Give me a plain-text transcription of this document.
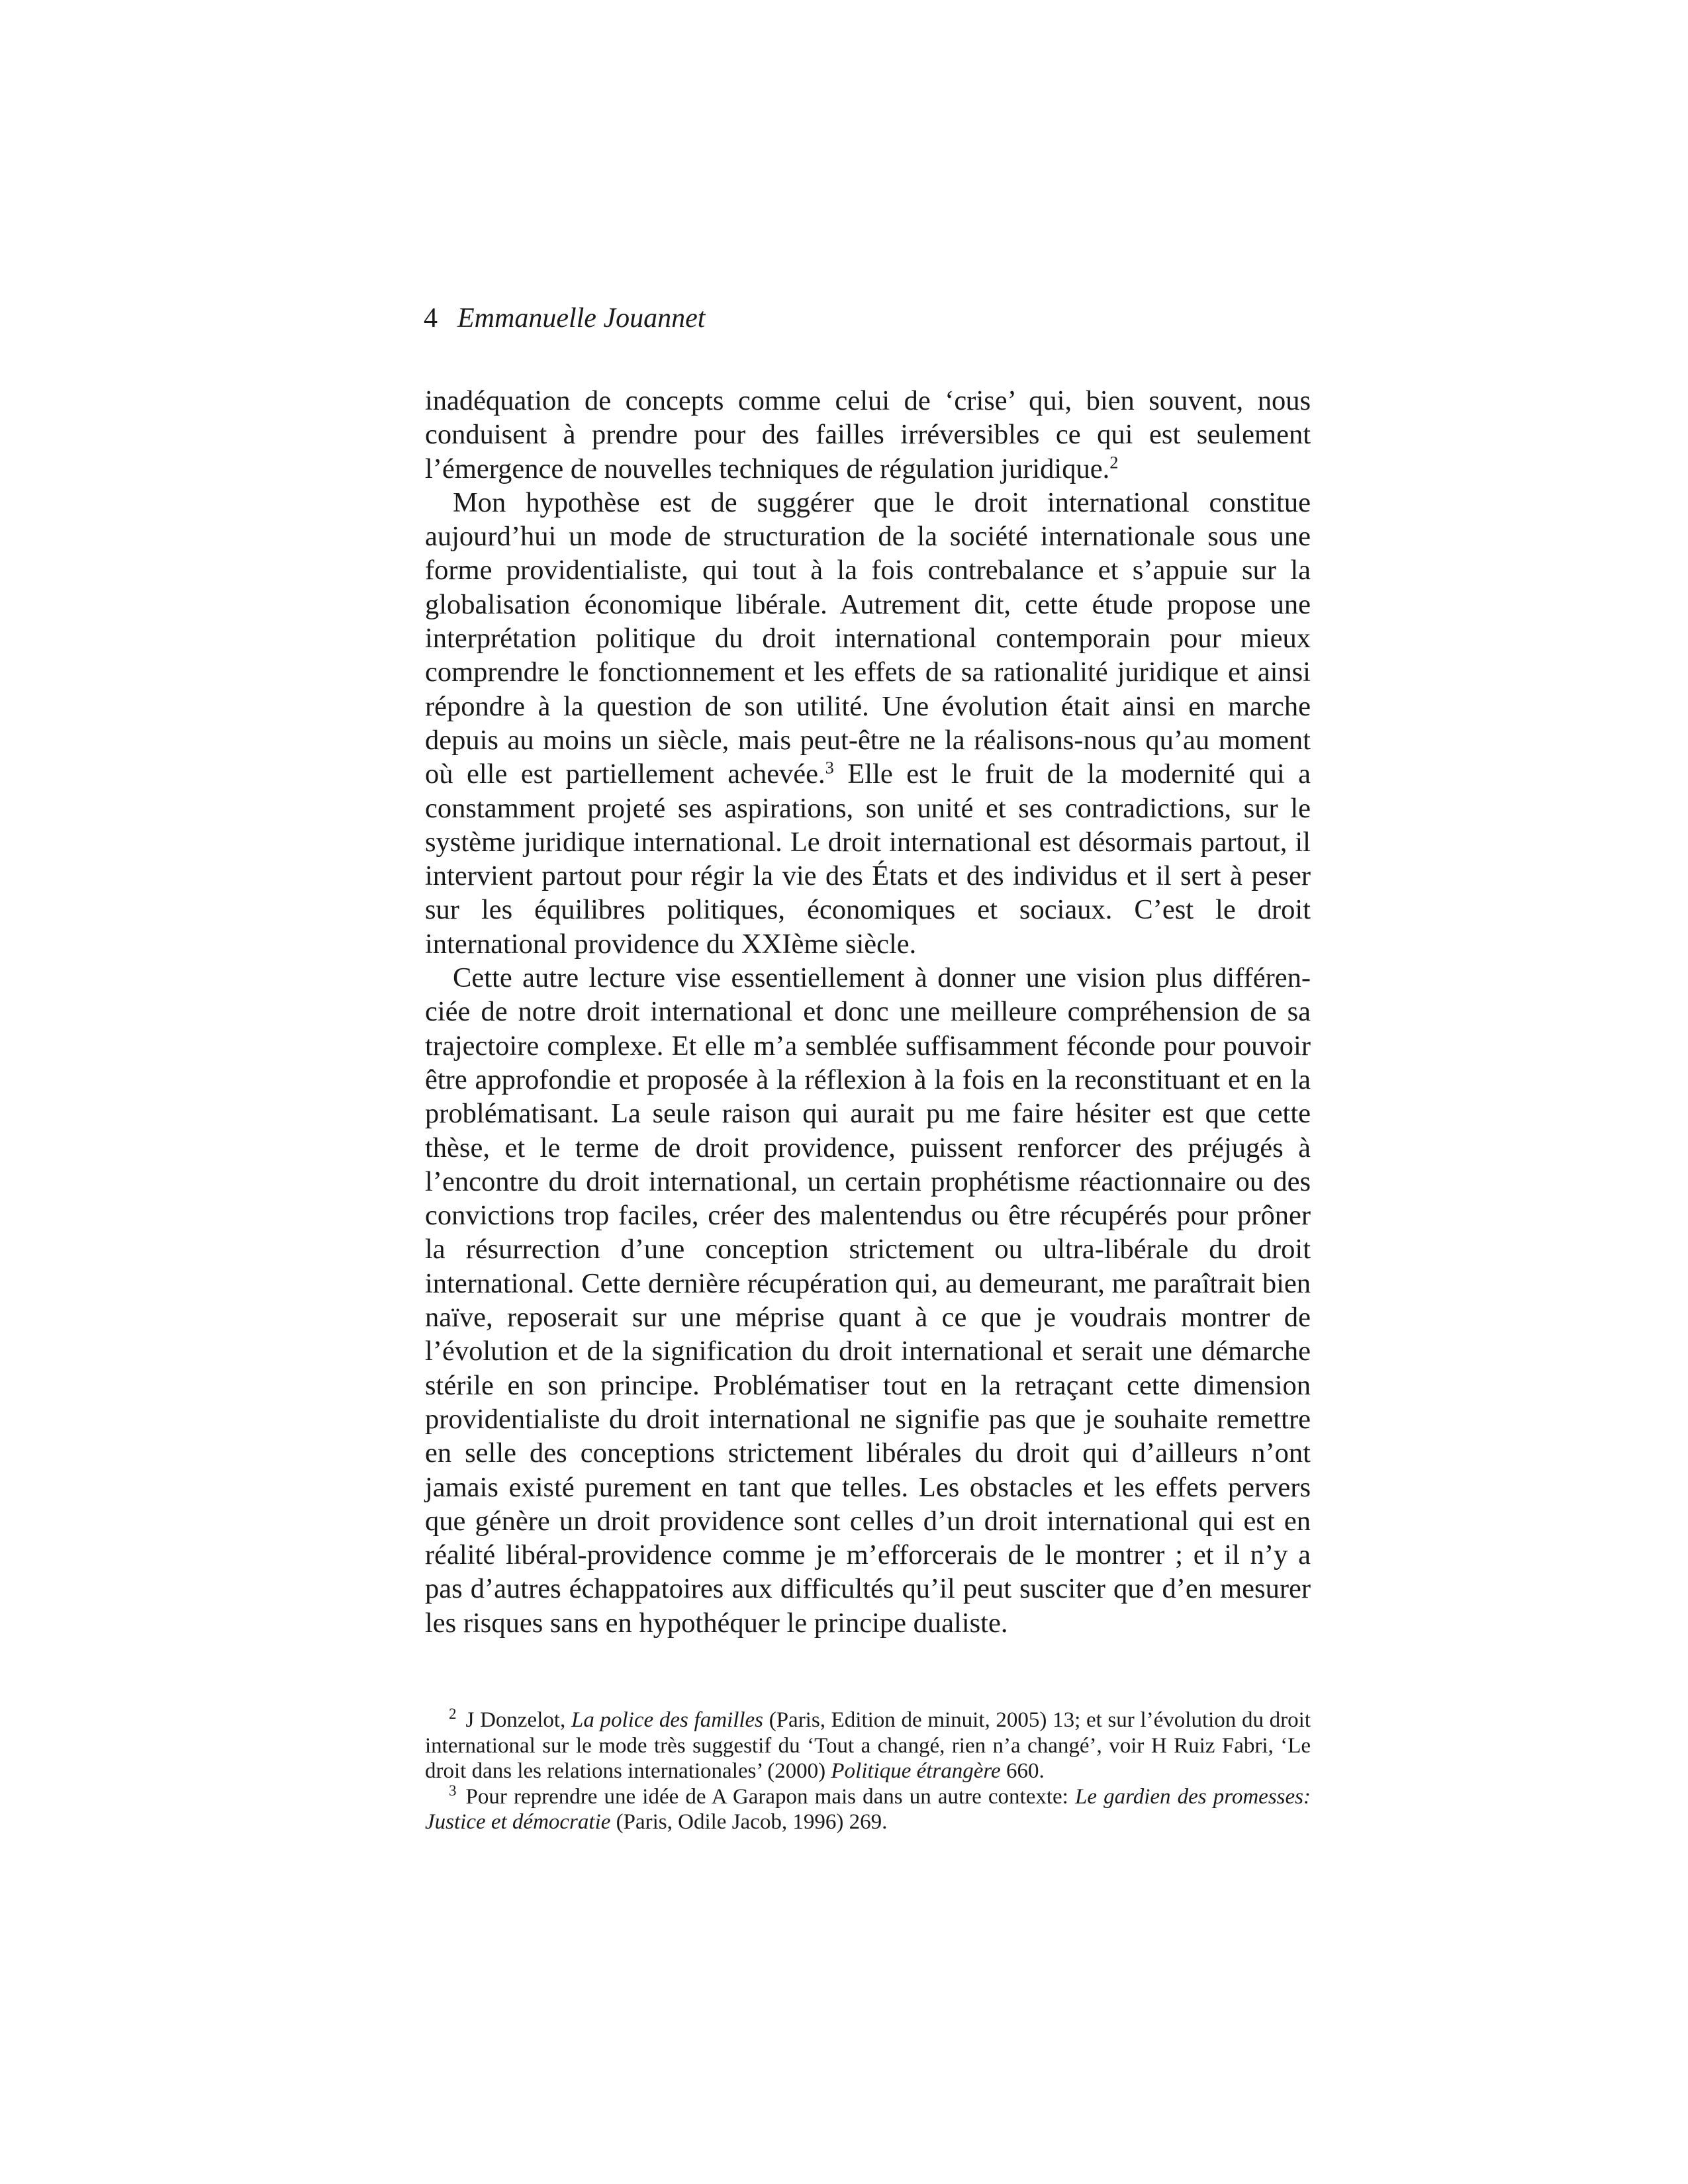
4 Emmanuelle Jouannet

inadéquation de concepts comme celui de ‘crise’ qui, bien souvent, nous conduisent à prendre pour des failles irréversibles ce qui est seulement l’émergence de nouvelles techniques de régulation juridique.$^2$

Mon hypothèse est de suggérer que le droit international constitue aujourd’hui un mode de structuration de la société internationale sous une forme providentialiste, qui tout à la fois contrebalance et s’appuie sur la globalisation économique libérale. Autrement dit, cette étude propose une interprétation politique du droit international contemporain pour mieux comprendre le fonctionnement et les effets de sa rationalité juridique et ainsi répondre à la question de son utilité. Une évolution était ainsi en marche depuis au moins un siècle, mais peut-être ne la réalisons-nous qu’au moment où elle est partiellement achevée.$^3$ Elle est le fruit de la modernité qui a constamment projeté ses aspirations, son unité et ses contradictions, sur le système juridique international. Le droit international est désormais partout, il intervient partout pour régir la vie des États et des individus et il sert à peser sur les équilibres politiques, économiques et sociaux. C’est le droit international providence du XXIème siècle.

Cette autre lecture vise essentiellement à donner une vision plus différenciée de notre droit international et donc une meilleure compréhension de sa trajectoire complexe. Et elle m’a semblée suffisamment féconde pour pouvoir être approfondie et proposée à la réflexion à la fois en la reconstituant et en la problématisant. La seule raison qui aurait pu me faire hésiter est que cette thèse, et le terme de droit providence, puissent renforcer des préjugés à l’encontre du droit international, un certain prophétisme réactionnaire ou des convictions trop faciles, créer des malentendus ou être récupérés pour prôner la résurrection d’une conception strictement ou ultra-libérale du droit international. Cette dernière récupération qui, au demeurant, me paraîtrait bien naïve, reposerait sur une méprise quant à ce que je voudrais montrer de l’évolution et de la signification du droit international et serait une démarche stérile en son principe. Problématiser tout en la retraçant cette dimension providentialiste du droit international ne signifie pas que je souhaite remettre en selle des conceptions strictement libérales du droit qui d’ailleurs n’ont jamais existé purement en tant que telles. Les obstacles et les effets pervers que génère un droit providence sont celles d’un droit international qui est en réalité libéral-providence comme je m’efforcerais de le montrer ; et il n’y a pas d’autres échappatoires aux difficultés qu’il peut susciter que d’en mesurer les risques sans en hypothéquer le principe dualiste.

$^2$ J Donzelot, La police des familles (Paris, Edition de minuit, 2005) 13; et sur l’évolution du droit international sur le mode très suggestif du ‘Tout a changé, rien n’a changé’, voir H Ruiz Fabri, ‘Le droit dans les relations internationales’ (2000) Politique étrangère 660.

$^3$ Pour reprendre une idée de A Garapon mais dans un autre contexte: Le gardien des promesses: Justice et démocratie (Paris, Odile Jacob, 1996) 269.
